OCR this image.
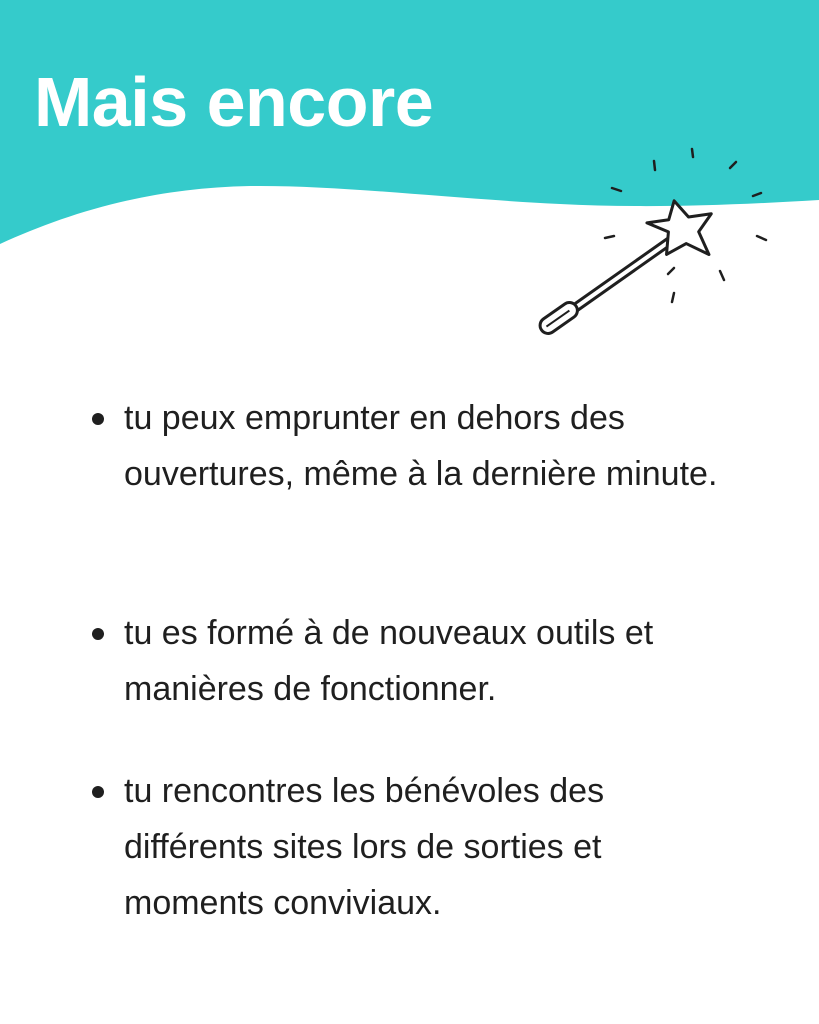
Mais encore
tu peux emprunter en dehors des ouvertures, même à la dernière minute.
tu es formé à de nouveaux outils et manières de fonctionner.
tu rencontres les bénévoles des différents sites lors de sorties et moments conviviaux.
